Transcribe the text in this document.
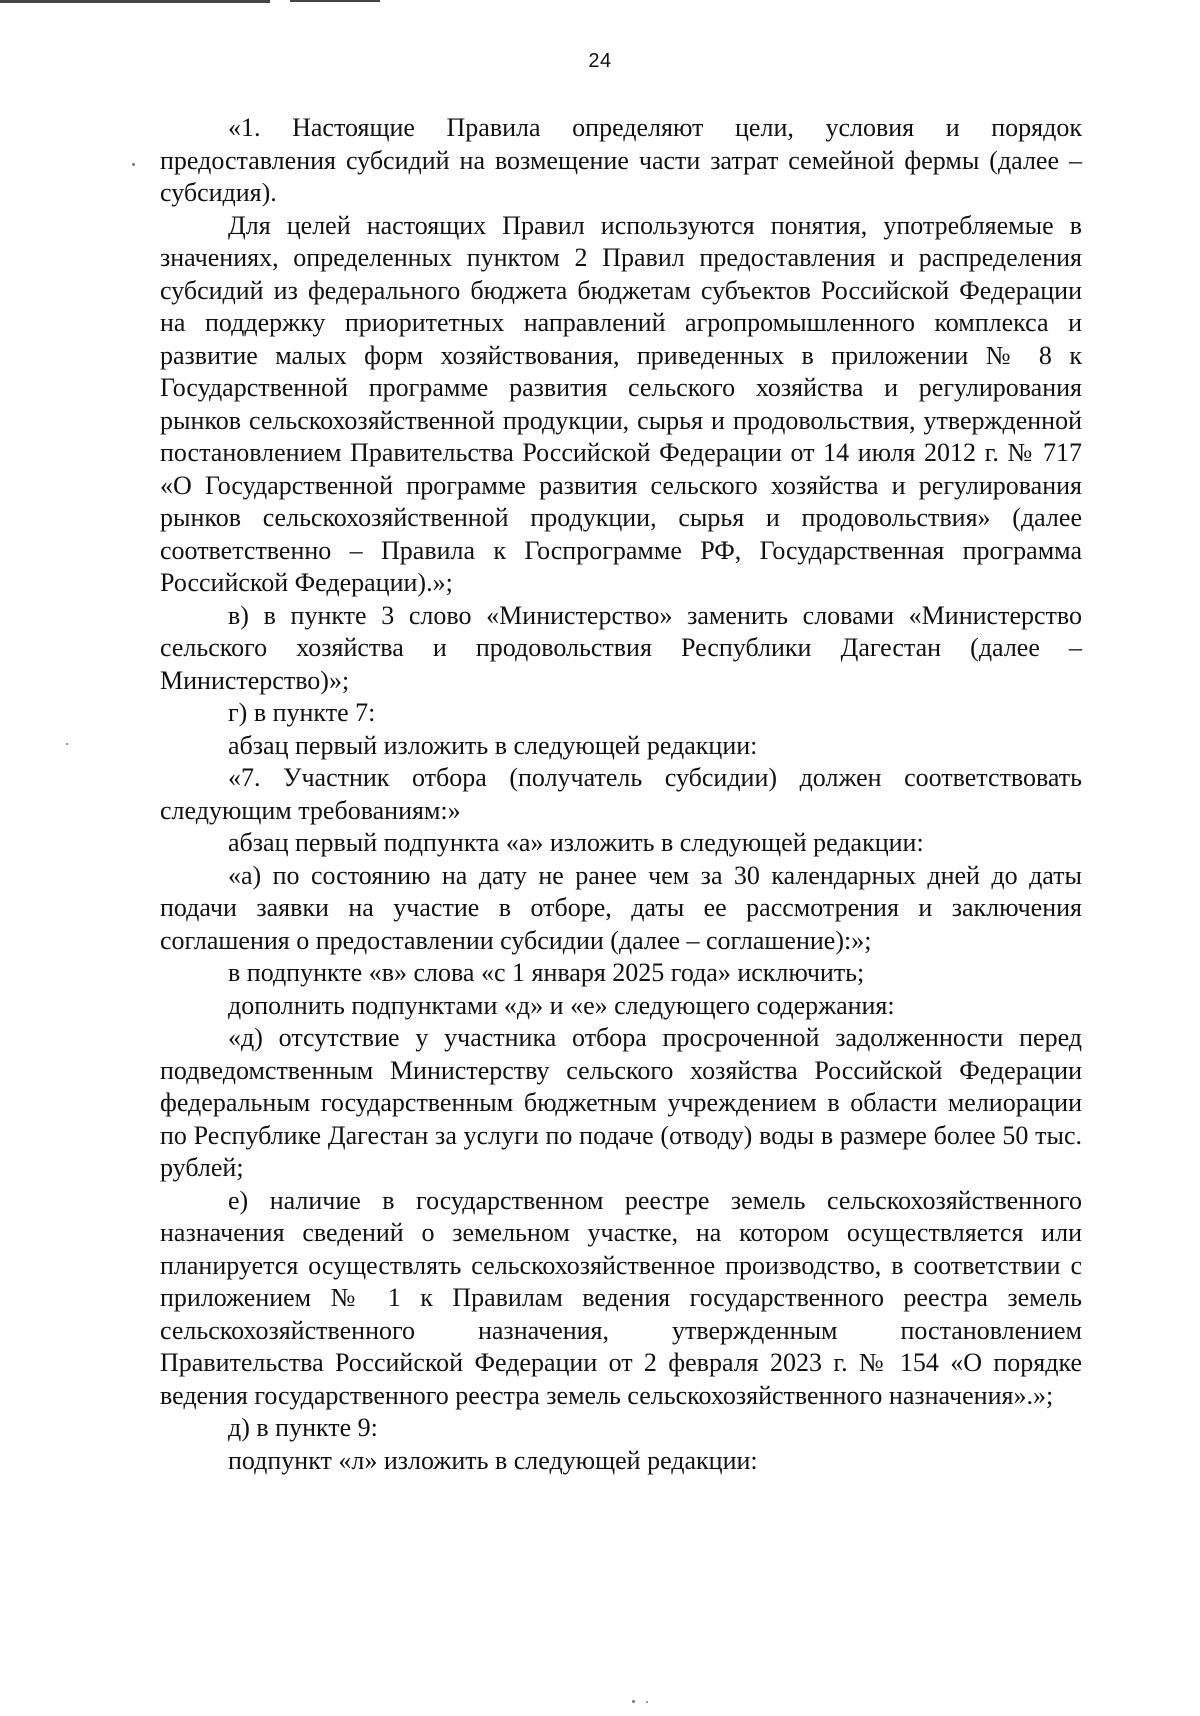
24

«1. Настоящие Правила определяют цели, условия и порядок предоставления субсидий на возмещение части затрат семейной фермы (далее – субсидия).

Для целей настоящих Правил используются понятия, употребляемые в значениях, определенных пунктом 2 Правил предоставления и распределения субсидий из федерального бюджета бюджетам субъектов Российской Федерации на поддержку приоритетных направлений агропромышленного комплекса и развитие малых форм хозяйствования, приведенных в приложении № 8 к Государственной программе развития сельского хозяйства и регулирования рынков сельскохозяйственной продукции, сырья и продовольствия, утвержденной постановлением Правительства Российской Федерации от 14 июля 2012 г. № 717 «О Государственной программе развития сельского хозяйства и регулирования рынков сельскохозяйственной продукции, сырья и продовольствия» (далее соответственно – Правила к Госпрограмме РФ, Государственная программа Российской Федерации).»;

в) в пункте 3 слово «Министерство» заменить словами «Министерство сельского хозяйства и продовольствия Республики Дагестан (далее – Министерство)»;

г) в пункте 7:

абзац первый изложить в следующей редакции:

«7. Участник отбора (получатель субсидии) должен соответствовать следующим требованиям:»

абзац первый подпункта «а» изложить в следующей редакции:

«а) по состоянию на дату не ранее чем за 30 календарных дней до даты подачи заявки на участие в отборе, даты ее рассмотрения и заключения соглашения о предоставлении субсидии (далее – соглашение):»;

в подпункте «в» слова «с 1 января 2025 года» исключить;

дополнить подпунктами «д» и «е» следующего содержания:

«д) отсутствие у участника отбора просроченной задолженности перед подведомственным Министерству сельского хозяйства Российской Федерации федеральным государственным бюджетным учреждением в области мелиорации по Республике Дагестан за услуги по подаче (отводу) воды в размере более 50 тыс. рублей;

е) наличие в государственном реестре земель сельскохозяйственного назначения сведений о земельном участке, на котором осуществляется или планируется осуществлять сельскохозяйственное производство, в соответствии с приложением № 1 к Правилам ведения государственного реестра земель сельскохозяйственного назначения, утвержденным постановлением Правительства Российской Федерации от 2 февраля 2023 г. № 154 «О порядке ведения государственного реестра земель сельскохозяйственного назначения».»;

д) в пункте 9:

подпункт «л» изложить в следующей редакции:
